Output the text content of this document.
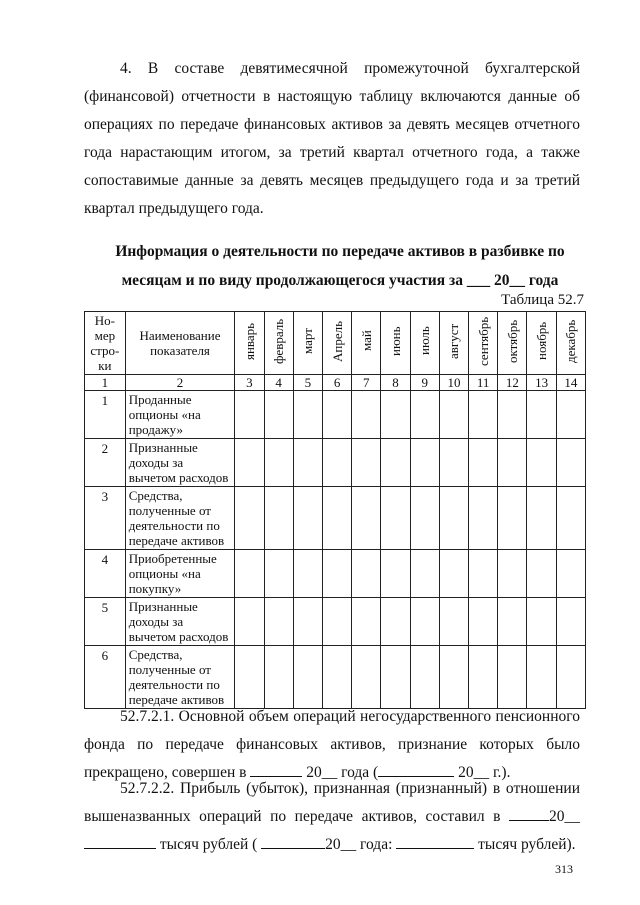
4. В составе девятимесячной промежуточной бухгалтерской (финансовой) отчетности в настоящую таблицу включаются данные об операциях по передаче финансовых активов за девять месяцев отчетного года нарастающим итогом, за третий квартал отчетного года, а также сопоставимые данные за девять месяцев предыдущего года и за третий квартал предыдущего года.

Информация о деятельности по передаче активов в разбивке по
месяцам и по виду продолжающегося участия за ___ 20__ года

Таблица 52.7

Но-мер стро-ки	Наименование показателя	январь	февраль	март	Апрель	май	июнь	июль	август	сентябрь	октябрь	ноябрь	декабрь

1	2	3	4	5	6	7	8	9	10	11	12	13	14
1	Проданные опционы «на продажу»												
2	Признанные доходы за вычетом расходов												
3	Средства, полученные от деятельности по передаче активов												
4	Приобретенные опционы «на покупку»												
5	Признанные доходы за вычетом расходов												
6	Средства, полученные от деятельности по передаче активов												

52.7.2.1. Основной объем операций негосударственного пенсионного фонда по передаче финансовых активов, признание которых было прекращено, совершен в	20__ года (	20__ г.).

52.7.2.2. Прибыль (убыток), признанная (признанный) в отношении вышеназванных операций по передаче активов, составил в	20__  тысяч рублей (	20__ года:	тысяч рублей).

313
